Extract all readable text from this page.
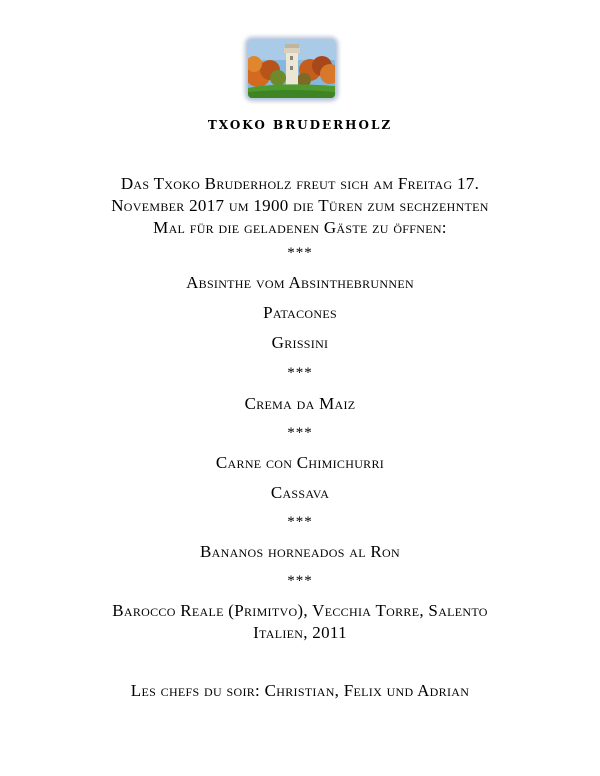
TXOKO BRUDERHOLZ
Das Txoko Bruderholz freut sich am Freitag 17.
November 2017 um 1900 die Türen zum sechzehnten
Mal für die geladenen Gäste zu öffnen:
***
Absinthe vom Absinthebrunnen
Patacones
Grissini
***
Crema da Maiz
***
Carne con Chimichurri
Cassava
***
Bananos horneados al Ron
***
Barocco Reale (Primitvo), Vecchia Torre, Salento
Italien, 2011
Les chefs du soir: Christian, Felix und Adrian
